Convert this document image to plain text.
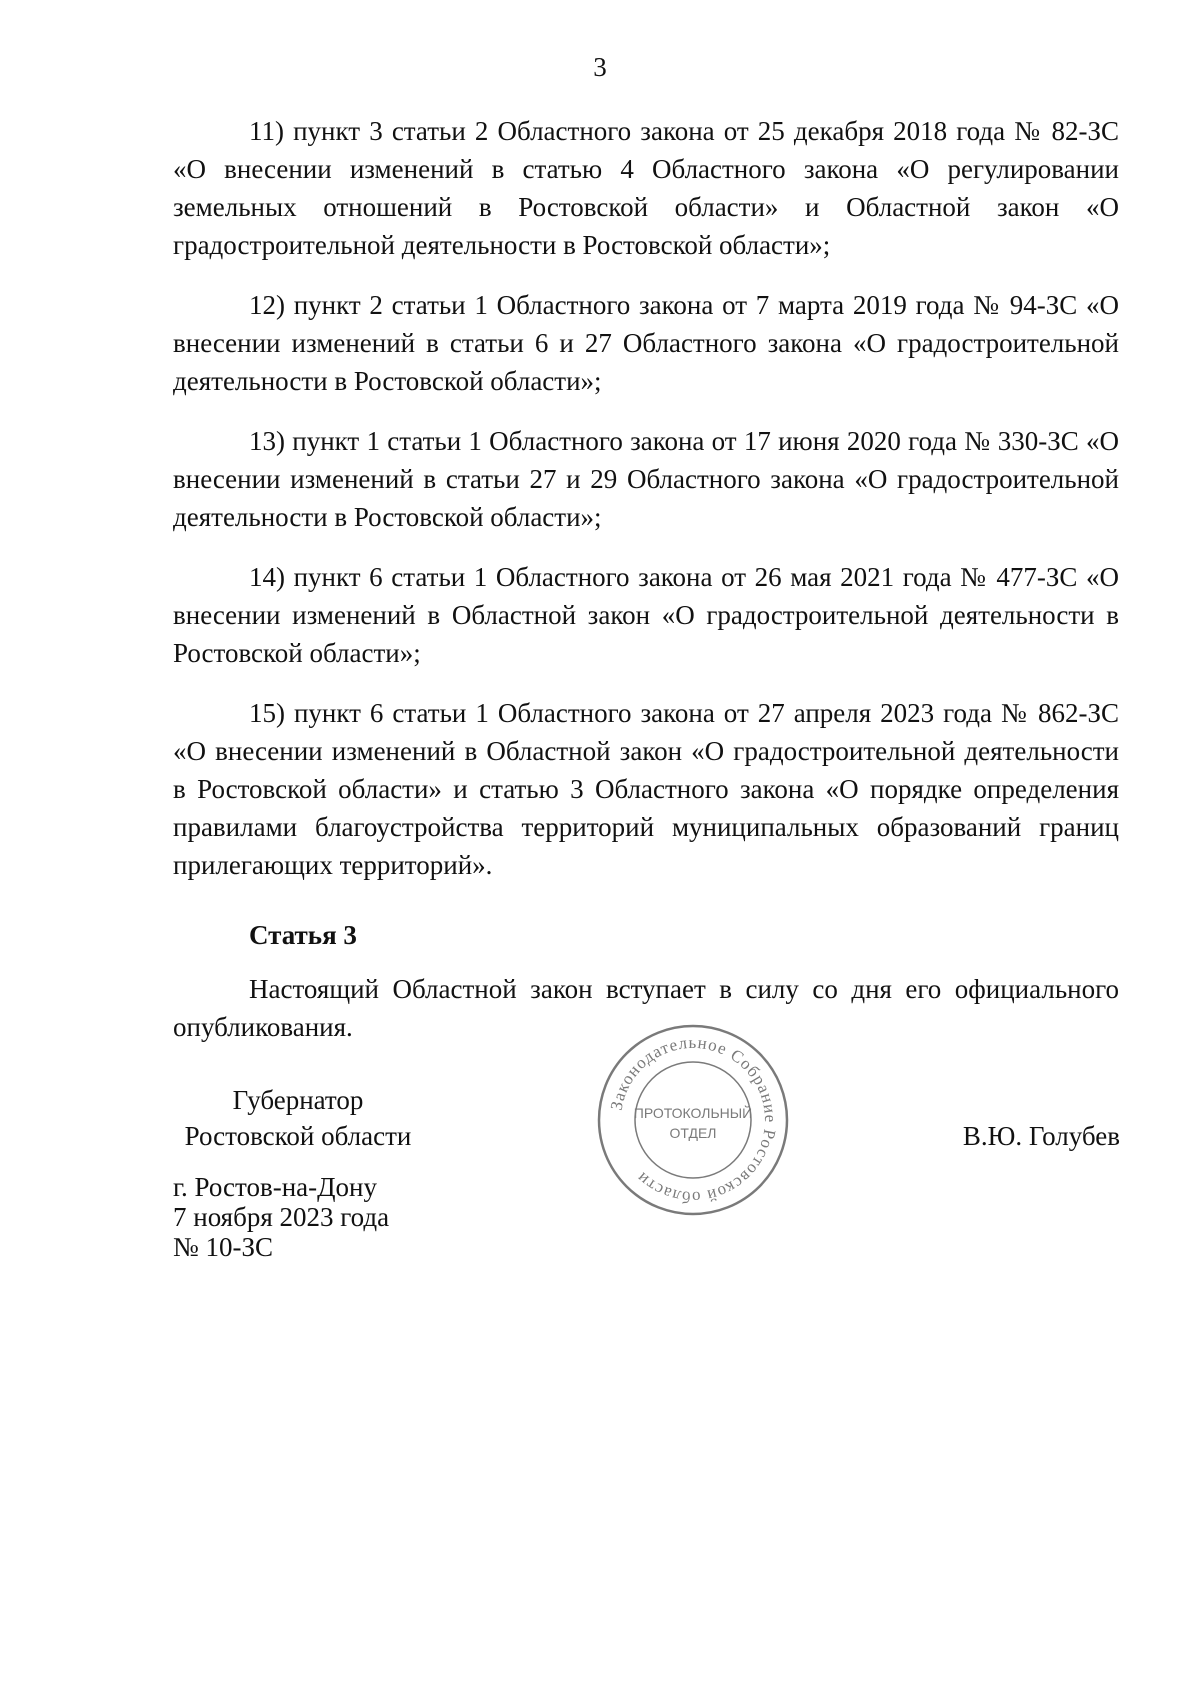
3

11) пункт 3 статьи 2 Областного закона от 25 декабря 2018 года № 82-ЗС «О внесении изменений в статью 4 Областного закона «О регулировании земельных отношений в Ростовской области» и Областной закон «О градостроительной деятельности в Ростовской области»;

12) пункт 2 статьи 1 Областного закона от 7 марта 2019 года № 94-ЗС «О внесении изменений в статьи 6 и 27 Областного закона «О градостроительной деятельности в Ростовской области»;

13) пункт 1 статьи 1 Областного закона от 17 июня 2020 года № 330-ЗС «О внесении изменений в статьи 27 и 29 Областного закона «О градостроительной деятельности в Ростовской области»;

14) пункт 6 статьи 1 Областного закона от 26 мая 2021 года № 477-ЗС «О внесении изменений в Областной закон «О градостроительной деятельности в Ростовской области»;

15) пункт 6 статьи 1 Областного закона от 27 апреля 2023 года № 862-ЗС «О внесении изменений в Областной закон «О градостроительной деятельности в Ростовской области» и статью 3 Областного закона «О порядке определения правилами благоустройства территорий муниципальных образований границ прилегающих территорий».

Статья 3

Настоящий Областной закон вступает в силу со дня его официального опубликования.

Губернатор
Ростовской области	В.Ю. Голубев
г. Ростов-на-Дону
7 ноября 2023 года
№ 10-ЗС
Законодательное Собрание Ростовской области
ПРОТОКОЛЬНЫЙ
ОТДЕЛ
